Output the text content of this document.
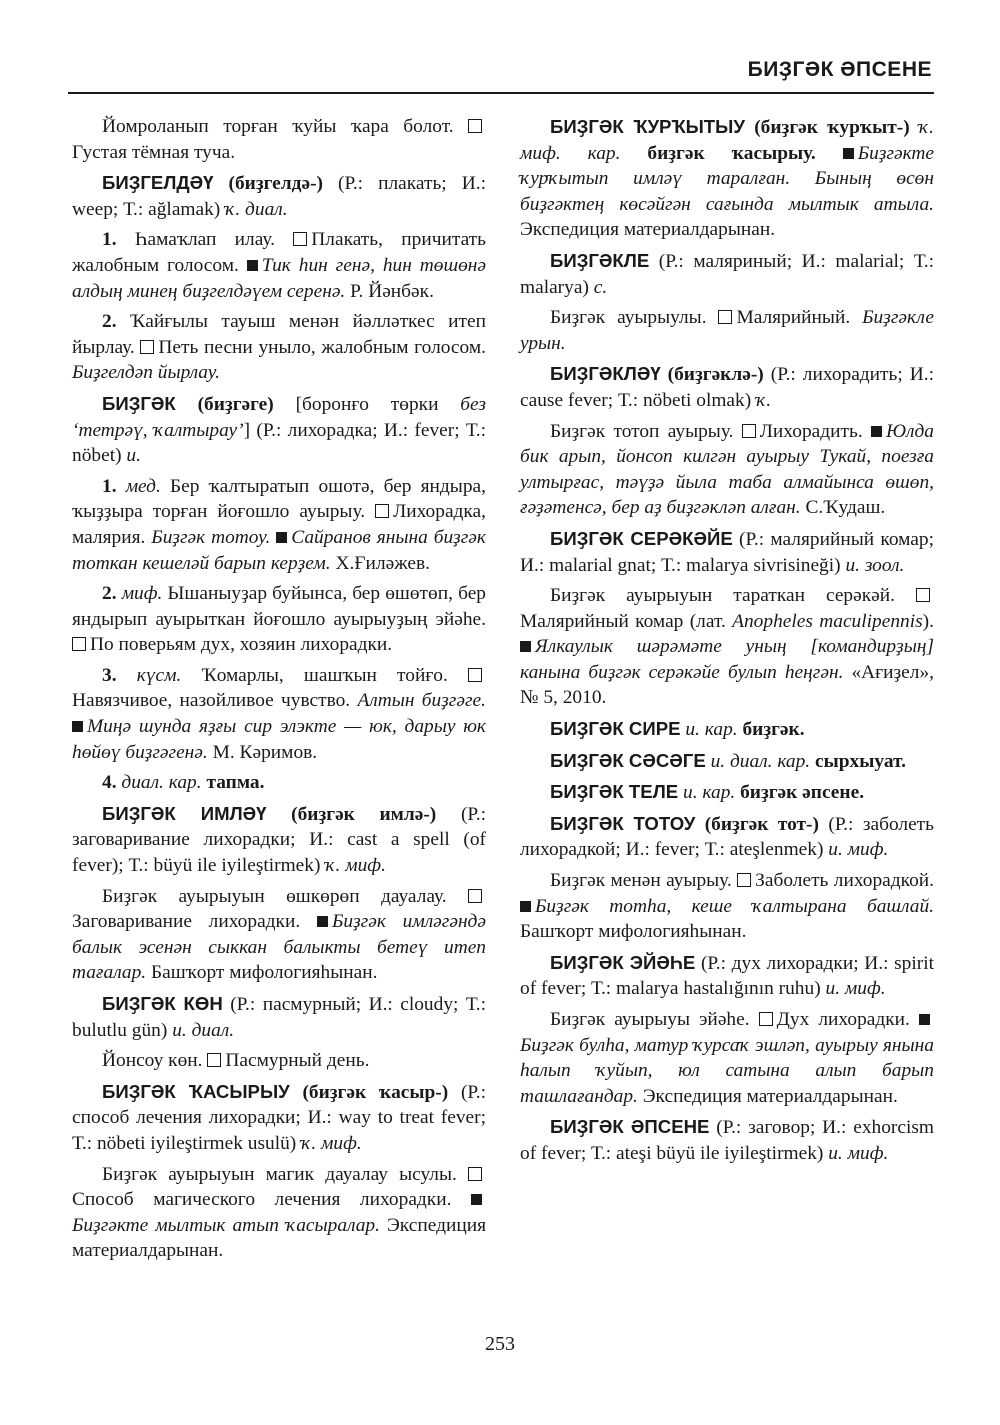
БИҘГӘК ӘПСЕНЕ

Йомроланып торған ҡуйы ҡара болот. Густая тёмная туча.

БИҘГЕЛДӘҮ (биҙгелдә-) (Р.: плакать; И.: weep; Т.: ağlamak) ҡ. диал.

1. Һамаҡлап илау. Плакать, причитать жалобным голосом. Тик һин генә, һин төшөнә алдың минең биҙгелдәүем серенә. Р. Йәнбәк.

2. Ҡайғылы тауыш менән йәлләткес итеп йырлау. Петь песни уныло, жалобным голосом. Биҙгелдәп йырлау.

БИҘГӘК (биҙгәге) [боронғо төрки без ‘тетрәү, ҡалтырау’] (Р.: лихорадка; И.: fever; Т.: nöbet) и.

1. мед. Бер ҡалтыратып ошотә, бер яндыра, ҡыҙҙыра торған йоғошло ауырыу. Лихорадка, малярия. Биҙгәк тотоу. Сайранов янына биҙгәк тоткан кешеләй барып керҙем. Х.Ғиләжев.

2. миф. Ышаныуҙар буйынса, бер өшөтөп, бер яндырып ауырыткан йоғошло ауырыуҙың эйәһе. По поверьям дух, хозяин лихорадки.

3. күсм. Ҡомарлы, шашҡын тойғо. Навязчивое, назойливое чувство. Алтын биҙгәге. Миңә шунда яҙғы сир элэкте — юк, дарыу юк һөйөү биҙгәгенә. М. Кәримов.

4. диал. кар. тапма.

БИҘГӘК ИМЛӘҮ (биҙгәк имлә-) (Р.: заговаривание лихорадки; И.: cast a spell (of fever); Т.: büyü ile iyileştirmek) ҡ. миф.

Биҙгәк ауырыуын өшкөрөп дауалау. Заговаривание лихорадки. Биҙгәк имләгәндә балык эсенән сыккан балыкты бетеү итеп тағалар. Башҡорт мифологияһынан.

БИҘГӘК КӨН (Р.: пасмурный; И.: cloudy; Т.: bulutlu gün) и. диал.

Йонсоу көн. Пасмурный день.

БИҘГӘК ҠАСЫРЫУ (биҙгәк ҡасыр-) (Р.: способ лечения лихорадки; И.: way to treat fever; Т.: nöbeti iyileştirmek usulü) ҡ. миф.

Биҙгәк ауырыуын магик дауалау ысулы. Способ магического лечения лихорадки. Биҙгәкте мылтык атып ҡасыралар. Экспедиция материалдарынан.

БИҘГӘК ҠУРҠЫТЫУ (биҙгәк ҡурҡыт-) ҡ. миф. кар. биҙгәк ҡасырыу. Биҙгәкте ҡурҡытып имләү таралған. Бының өсөн биҙгәктең көсәйгән сағында мылтык атыла. Экспедиция материалдарынан.

БИҘГӘКЛЕ (Р.: маляриный; И.: malarial; Т.: malarya) с.

Биҙгәк ауырыулы. Малярийный. Биҙгәкле урын.

БИҘГӘКЛӘҮ (биҙгәклә-) (Р.: лихорадить; И.: cause fever; Т.: nöbeti olmak) ҡ.

Биҙгәк тотоп ауырыу. Лихорадить. Юлда бик арып, йонсоп килгән ауырыу Тукай, поезға ултырғас, тәүҙә йыла таба алмайынса өшөп, ғәҙәтенсә, бер аҙ биҙгәкләп алған. С.Ҡудаш.

БИҘГӘК СЕРӘКӘЙЕ (Р.: малярийный комар; И.: malarial gnat; Т.: malarya sivrisineği) и. зоол.

Биҙгәк ауырыуын тараткан серәкәй. Малярийный комар (лат. Anopheles maculipennis). Ялкаулык шәрәмәте уның [командирҙың] канына биҙгәк серәкәйе булып һеңгән. «Ағиҙел», № 5, 2010.

БИҘГӘК СИРЕ и. кар. биҙгәк.

БИҘГӘК СӘСӘГЕ и. диал. кар. сырхыуат.

БИҘГӘК ТЕЛЕ и. кар. биҙгәк әпсене.

БИҘГӘК ТОТОУ (биҙгәк тот-) (Р.: заболеть лихорадкой; И.: fever; Т.: ateşlenmek) и. миф.

Биҙгәк менән ауырыу. Заболеть лихорадкой. Биҙгәк тотһа, кеше ҡалтырана башлай. Башҡорт мифологияһынан.

БИҘГӘК ЭЙӘҺЕ (Р.: дух лихорадки; И.: spirit of fever; Т.: malarya hastalığının ruhu) и. миф.

Биҙгәк ауырыуы эйәһе. Дух лихорадки. Биҙгәк булһа, матур ҡурсаҡ эшләп, ауырыу янына һалып ҡуйып, юл сатына алып барып ташлағандар. Экспедиция материалдарынан.

БИҘГӘК ӘПСЕНЕ (Р.: заговор; И.: exhorcism of fever; Т.: ateşi büyü ile iyileştirmek) и. миф.

253
